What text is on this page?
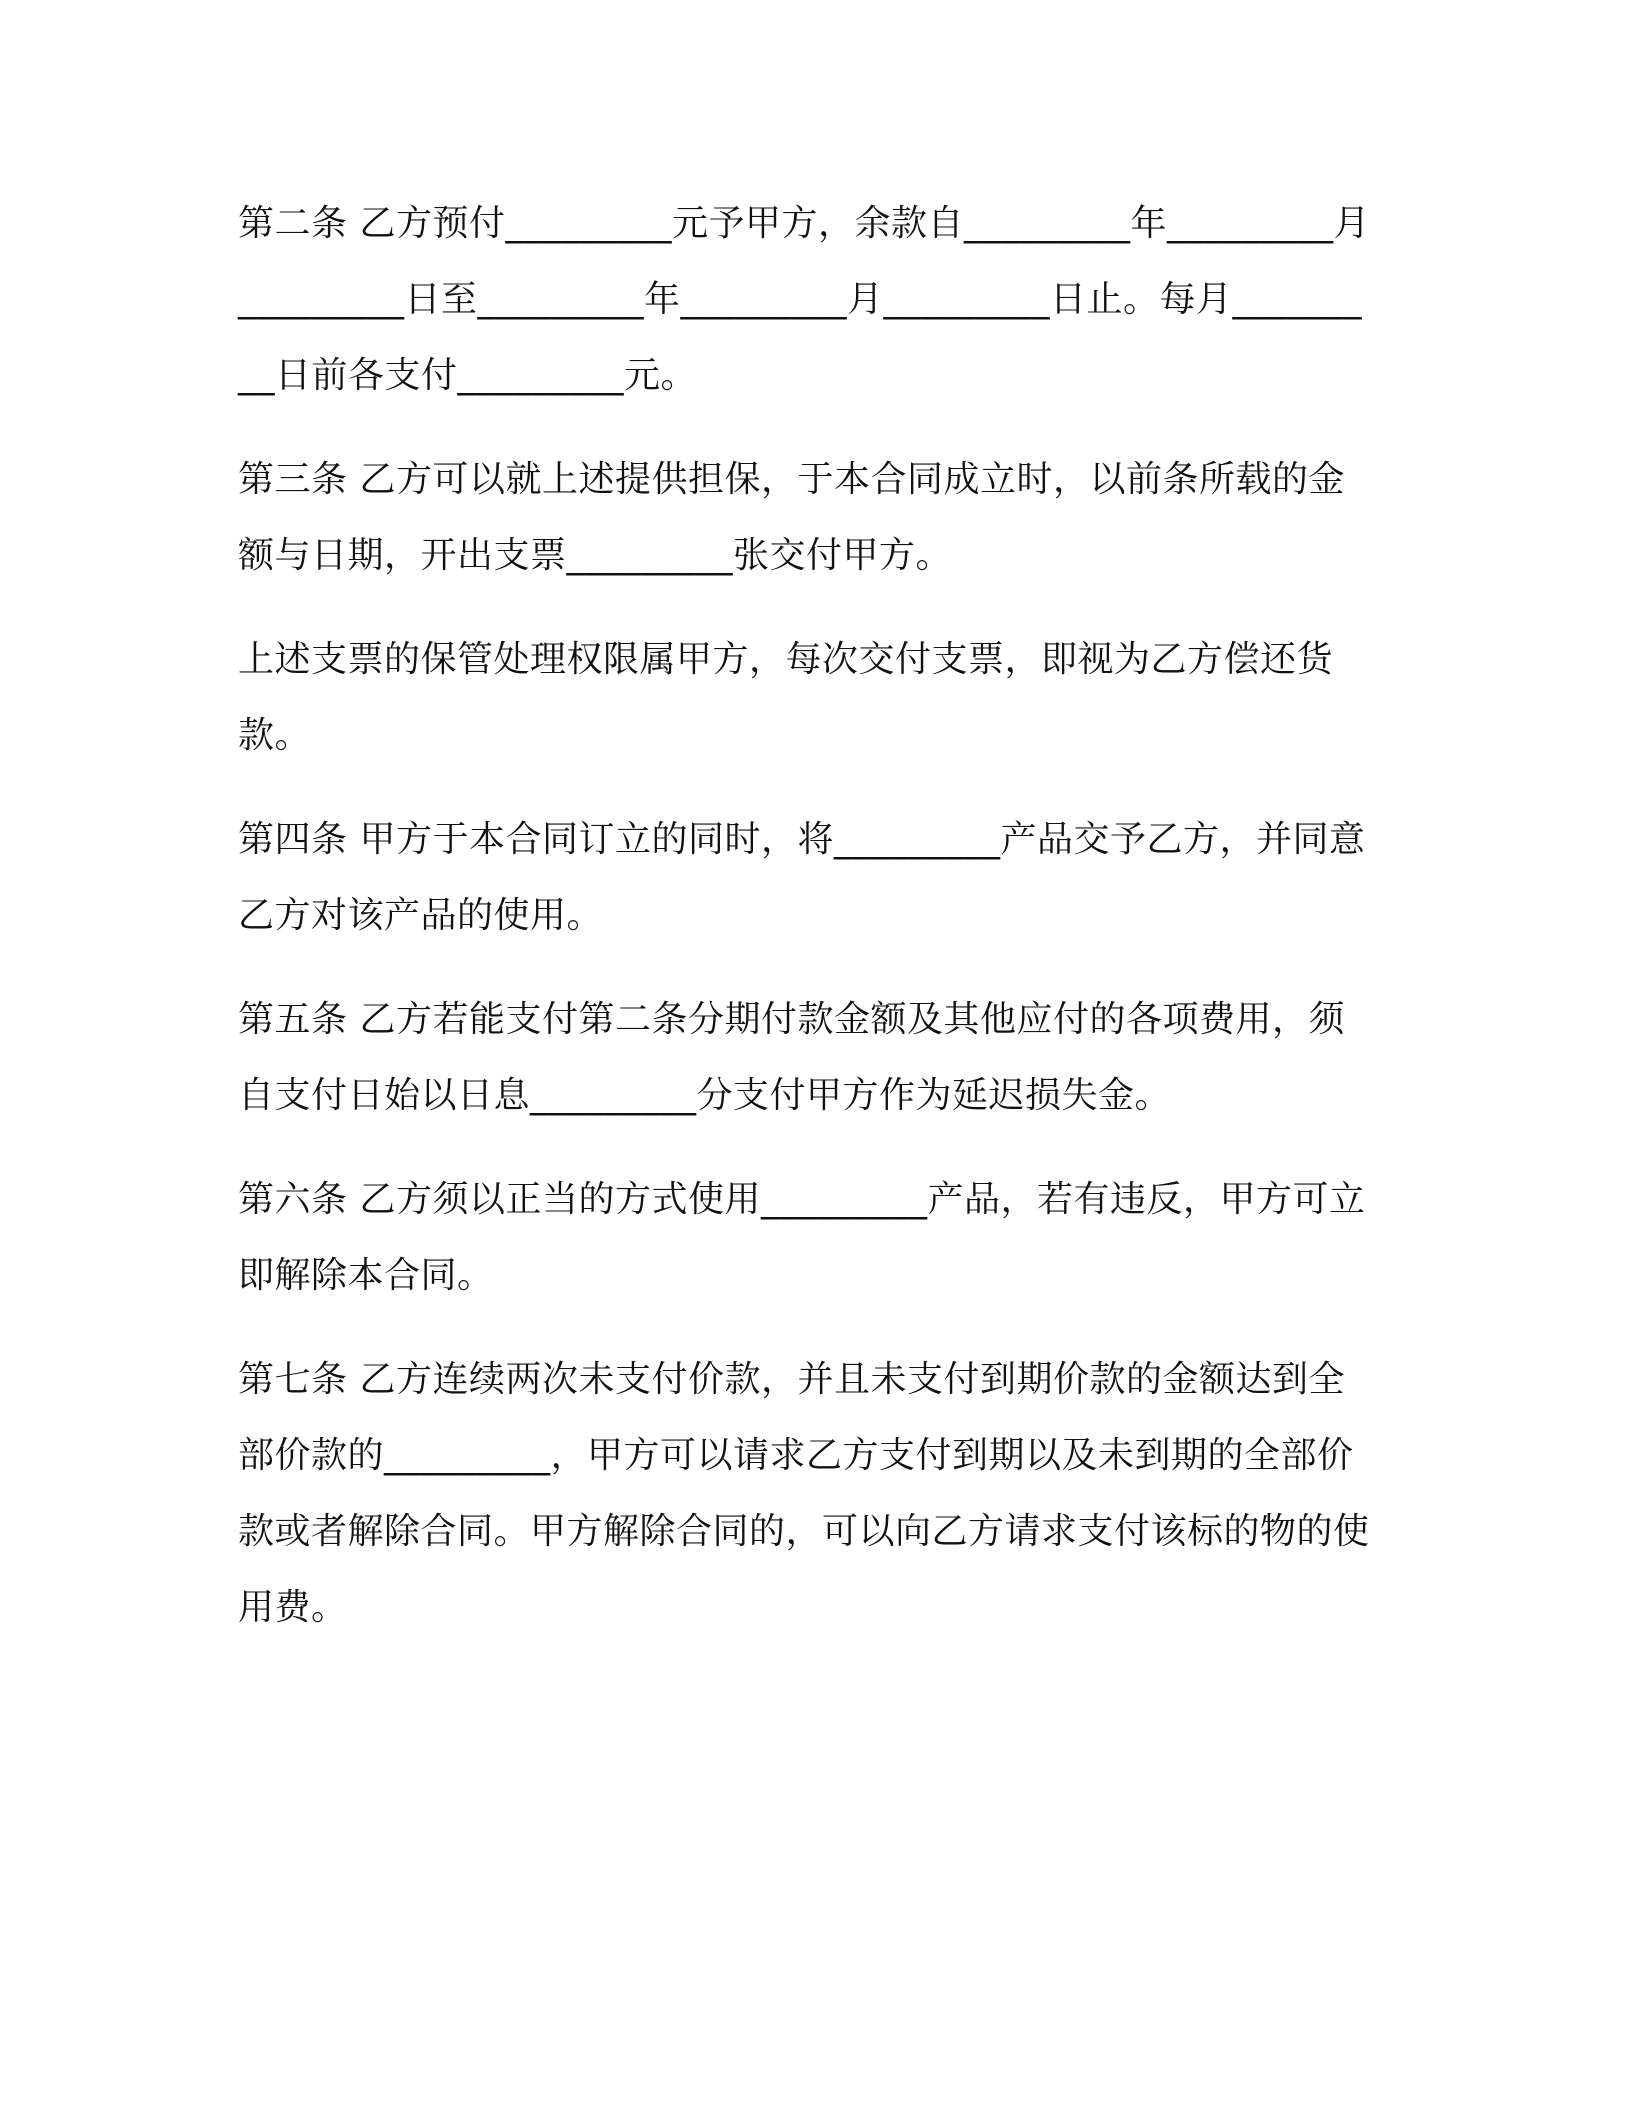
第二条 乙方预付_________元予甲方，余款自_________年_________月_________日至_________年_________月_________日止。每月_________日前各支付_________元。

第三条 乙方可以就上述提供担保，于本合同成立时，以前条所载的金额与日期，开出支票_________张交付甲方。

上述支票的保管处理权限属甲方，每次交付支票，即视为乙方偿还货款。

第四条 甲方于本合同订立的同时，将_________产品交予乙方，并同意乙方对该产品的使用。

第五条 乙方若能支付第二条分期付款金额及其他应付的各项费用，须自支付日始以日息_________分支付甲方作为延迟损失金。

第六条 乙方须以正当的方式使用_________产品，若有违反，甲方可立即解除本合同。

第七条 乙方连续两次未支付价款，并且未支付到期价款的金额达到全部价款的_________，甲方可以请求乙方支付到期以及未到期的全部价款或者解除合同。甲方解除合同的，可以向乙方请求支付该标的物的使用费。
